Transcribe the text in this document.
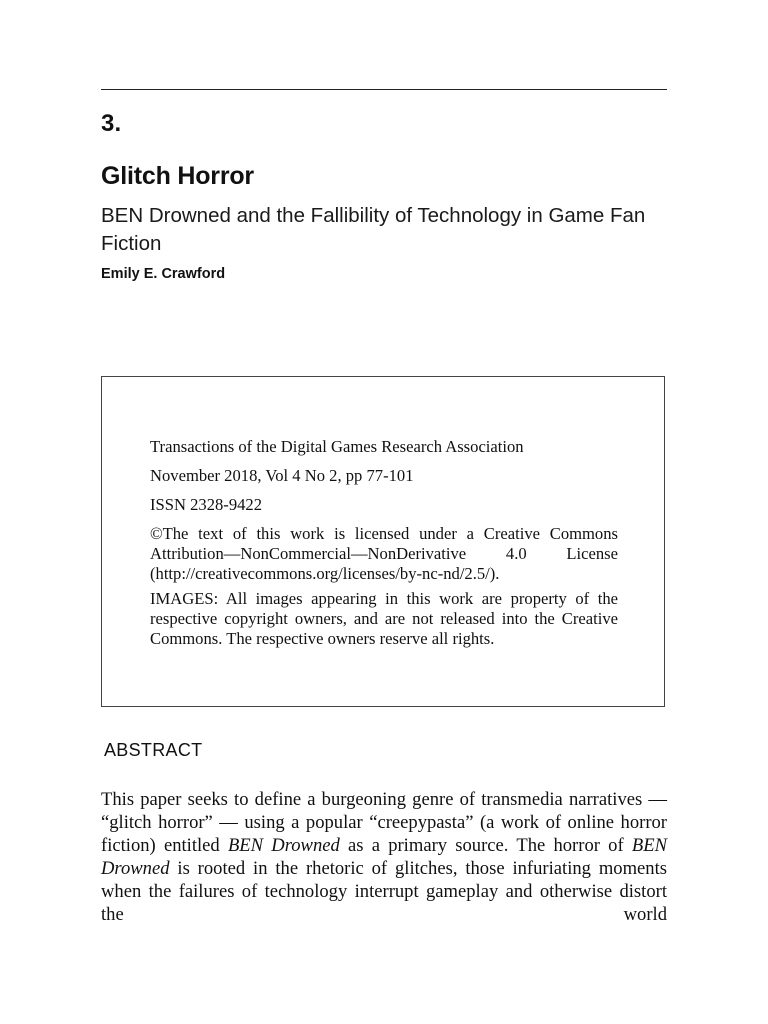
3.
Glitch Horror
BEN Drowned and the Fallibility of Technology in Game Fan Fiction
Emily E. Crawford
Transactions of the Digital Games Research Association
November 2018, Vol 4 No 2, pp 77-101
ISSN 2328-9422
©The text of this work is licensed under a Creative Commons Attribution—NonCommercial—NonDerivative 4.0 License (http://creativecommons.org/licenses/by-nc-nd/2.5/).
IMAGES: All images appearing in this work are property of the respective copyright owners, and are not released into the Creative Commons. The respective owners reserve all rights.
ABSTRACT
This paper seeks to define a burgeoning genre of transmedia narratives — “glitch horror” — using a popular “creepypasta” (a work of online horror fiction) entitled BEN Drowned as a primary source. The horror of BEN Drowned is rooted in the rhetoric of glitches, those infuriating moments when the failures of technology interrupt gameplay and otherwise distort the world
